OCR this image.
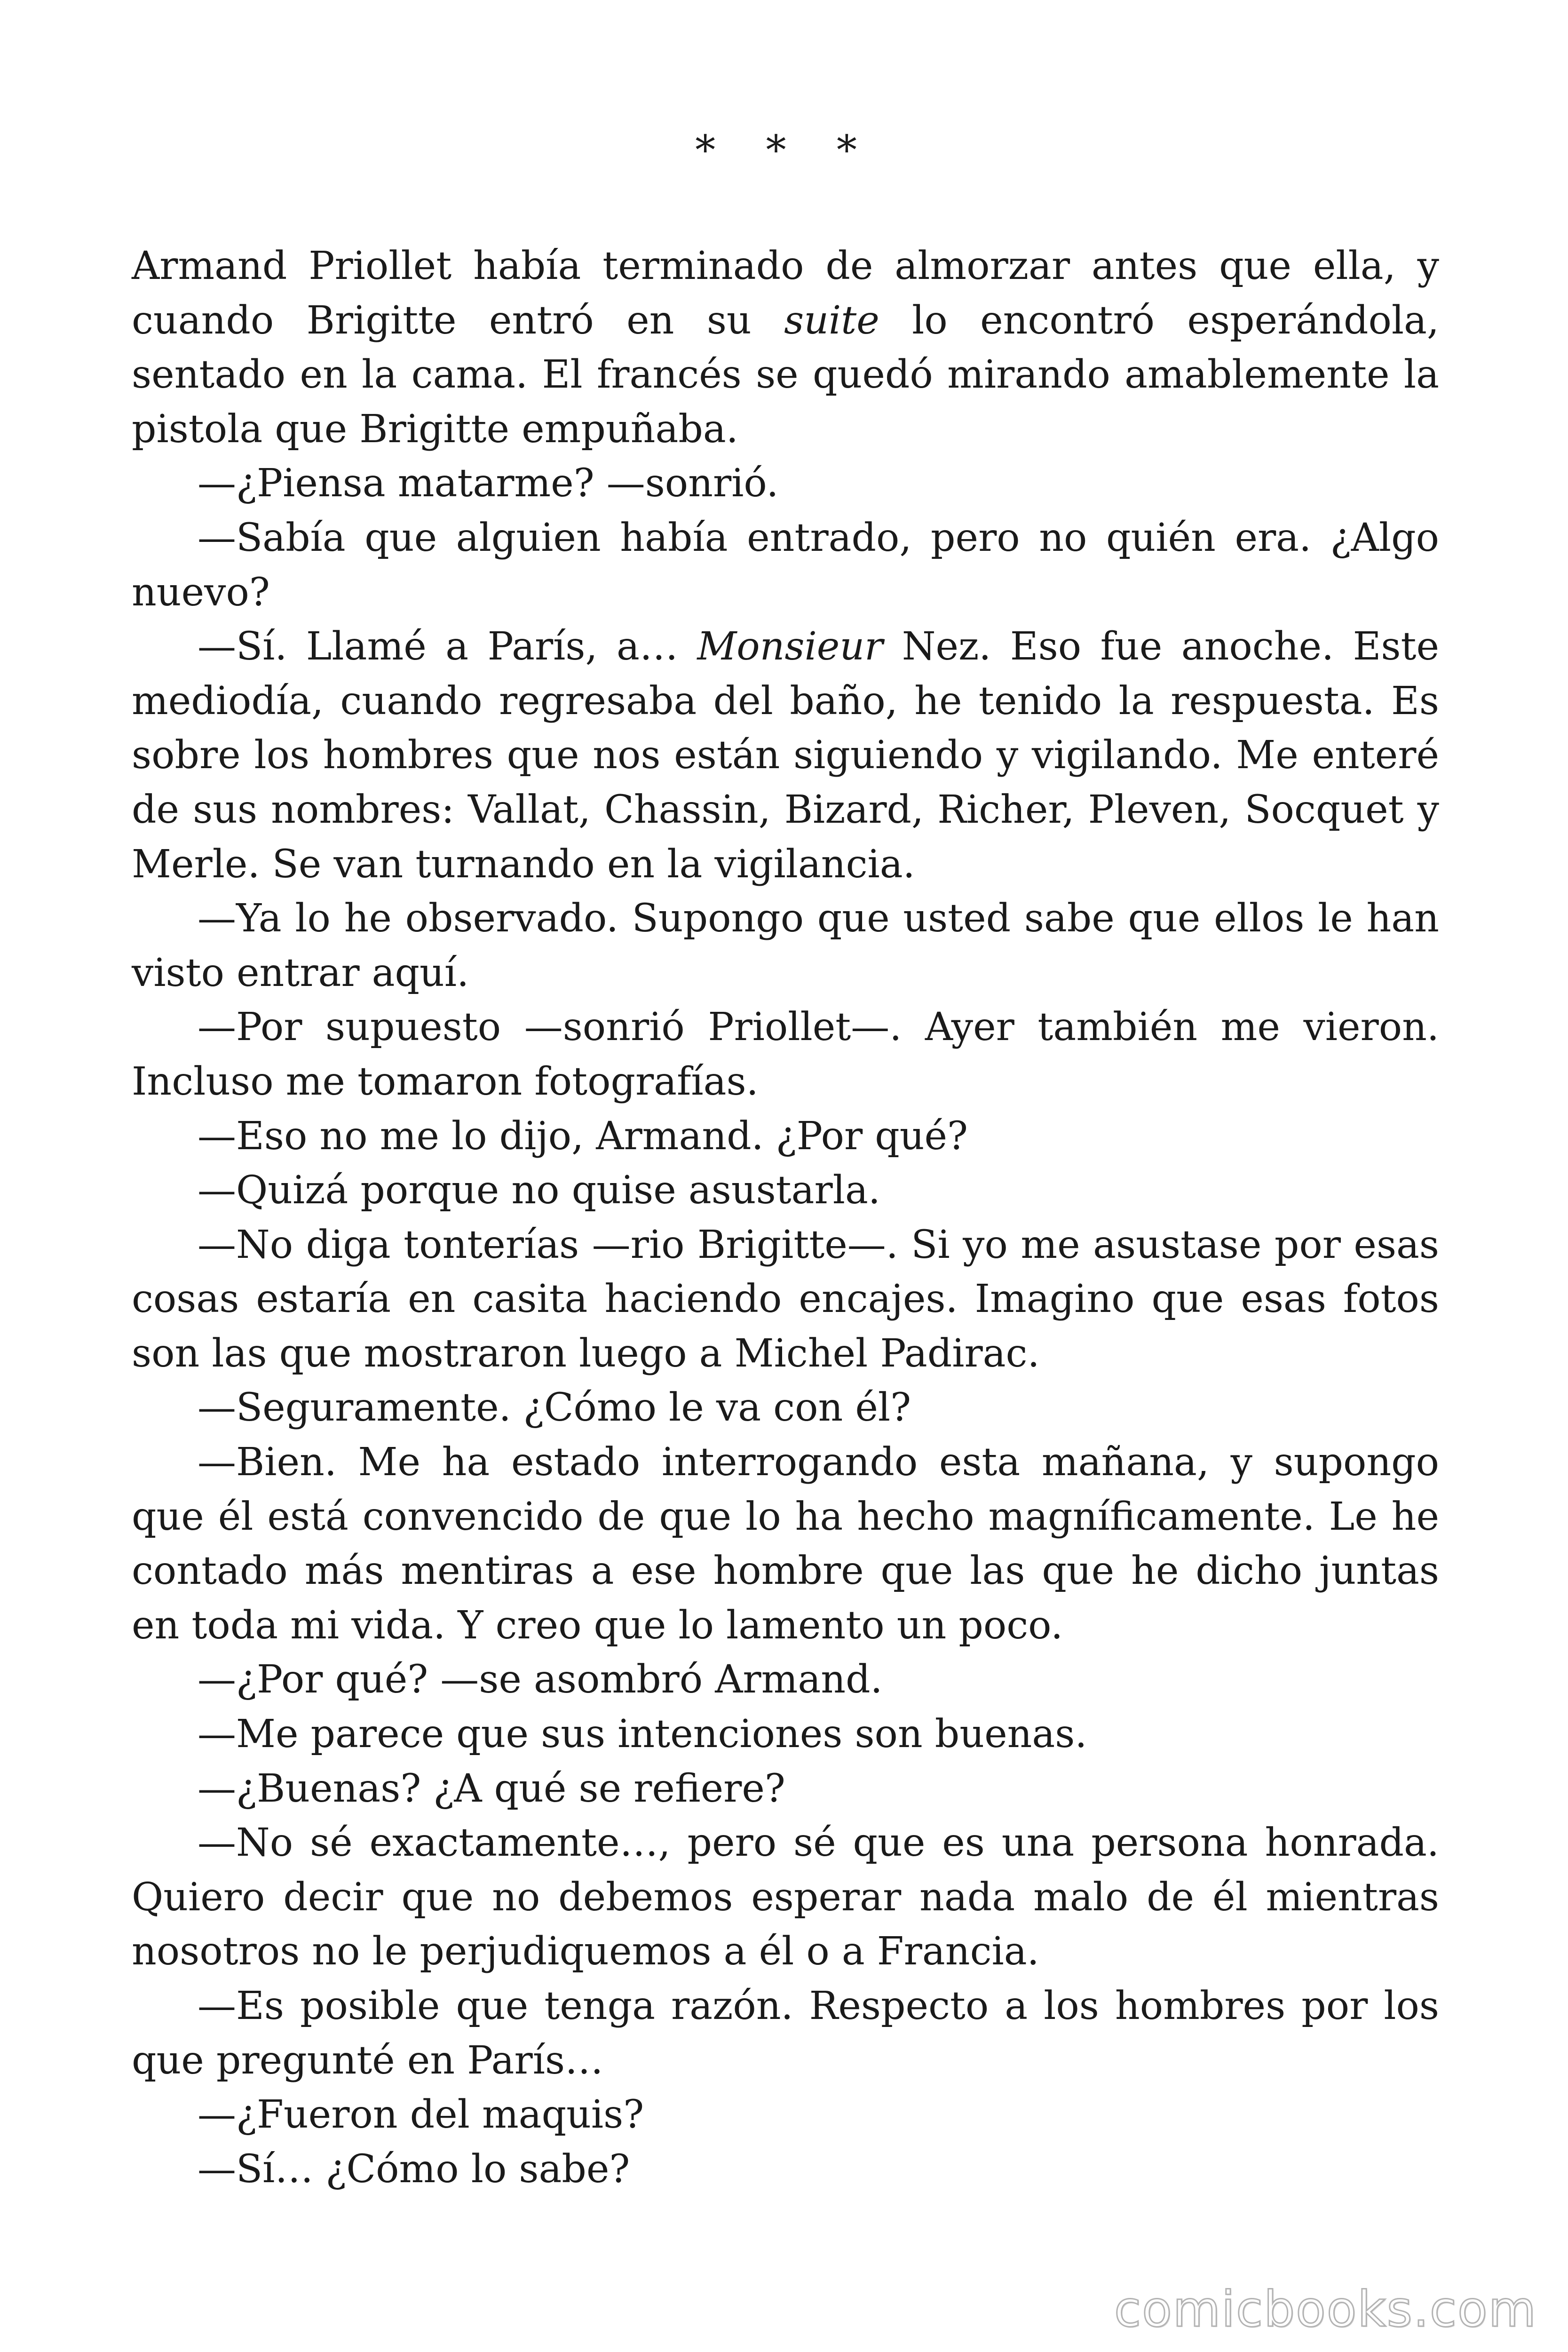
* * *

Armand Priollet había terminado de almorzar antes que ella, y cuando Brigitte entró en su suite lo encontró esperándola, sentado en la cama. El francés se quedó mirando amablemente la pistola que Brigitte empuñaba.

—¿Piensa matarme? —sonrió.

—Sabía que alguien había entrado, pero no quién era. ¿Algo nuevo?

—Sí. Llamé a París, a… Monsieur Nez. Eso fue anoche. Este mediodía, cuando regresaba del baño, he tenido la respuesta. Es sobre los hombres que nos están siguiendo y vigilando. Me enteré de sus nombres: Vallat, Chassin, Bizard, Richer, Pleven, Socquet y Merle. Se van turnando en la vigilancia.

—Ya lo he observado. Supongo que usted sabe que ellos le han visto entrar aquí.

—Por supuesto —sonrió Priollet—. Ayer también me vieron. Incluso me tomaron fotografías.

—Eso no me lo dijo, Armand. ¿Por qué?

—Quizá porque no quise asustarla.

—No diga tonterías —rio Brigitte—. Si yo me asustase por esas cosas estaría en casita haciendo encajes. Imagino que esas fotos son las que mostraron luego a Michel Padirac.

—Seguramente. ¿Cómo le va con él?

—Bien. Me ha estado interrogando esta mañana, y supongo que él está convencido de que lo ha hecho magníficamente. Le he contado más mentiras a ese hombre que las que he dicho juntas en toda mi vida. Y creo que lo lamento un poco.

—¿Por qué? —se asombró Armand.

—Me parece que sus intenciones son buenas.

—¿Buenas? ¿A qué se refiere?

—No sé exactamente…, pero sé que es una persona honrada. Quiero decir que no debemos esperar nada malo de él mientras nosotros no le perjudiquemos a él o a Francia.

—Es posible que tenga razón. Respecto a los hombres por los que pregunté en París…

—¿Fueron del maquis?

—Sí… ¿Cómo lo sabe?

comicbooks.com
